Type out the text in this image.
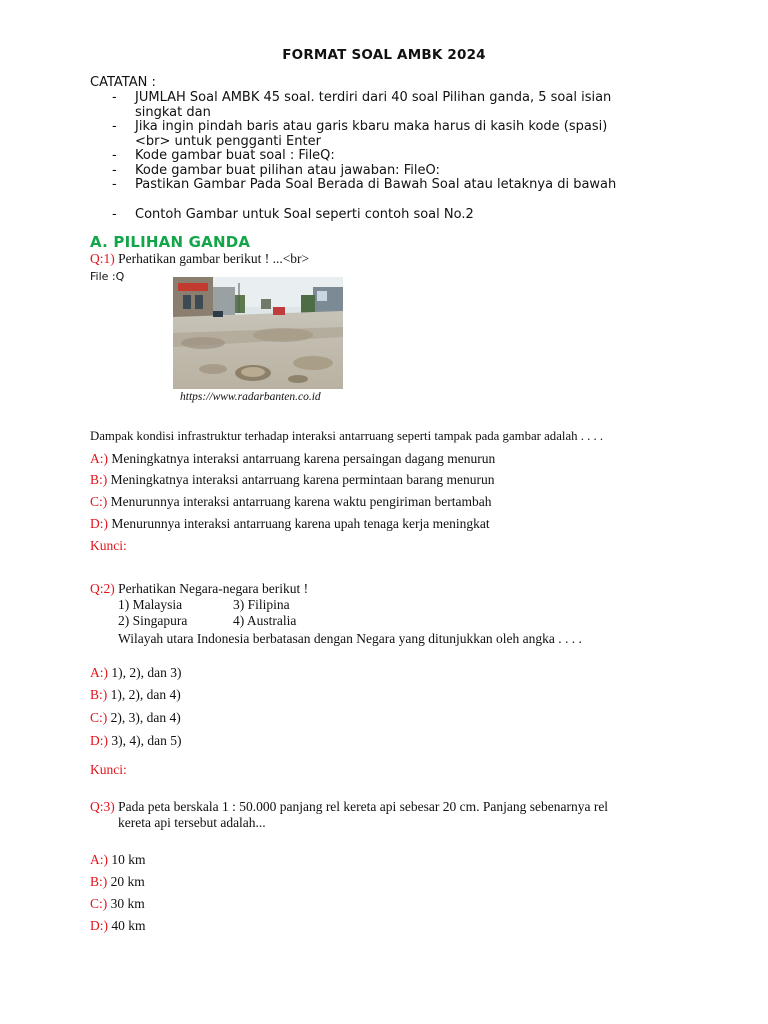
FORMAT SOAL AMBK 2024
CATATAN :
- JUMLAH Soal AMBK 45 soal. terdiri dari 40 soal Pilihan ganda, 5 soal isian
singkat dan
- Jika ingin pindah baris atau garis kbaru maka harus di kasih kode (spasi)
<br> untuk pengganti Enter
- Kode gambar buat soal : FileQ:
- Kode gambar buat pilihan atau jawaban: FileO:
- Pastikan Gambar Pada Soal Berada di Bawah Soal atau letaknya di bawah
- Contoh Gambar untuk Soal seperti contoh soal No.2
A. PILIHAN GANDA
Q:1) Perhatikan gambar berikut ! ...<br>
File :Q
https://www.radarbanten.co.id
Dampak kondisi infrastruktur terhadap interaksi antarruang seperti tampak pada gambar adalah . . . .
A:) Meningkatnya interaksi antarruang karena persaingan dagang menurun
B:) Meningkatnya interaksi antarruang karena permintaan barang menurun
C:) Menurunnya interaksi antarruang karena waktu pengiriman bertambah
D:) Menurunnya interaksi antarruang karena upah tenaga kerja meningkat
Kunci:
Q:2) Perhatikan Negara-negara berikut !
1) Malaysia	3) Filipina
2) Singapura	4) Australia
Wilayah utara Indonesia berbatasan dengan Negara yang ditunjukkan oleh angka . . . .
A:) 1), 2), dan 3)
B:) 1), 2), dan 4)
C:) 2), 3), dan 4)
D:) 3), 4), dan 5)
Kunci:
Q:3) Pada peta berskala 1 : 50.000 panjang rel kereta api sebesar 20 cm. Panjang sebenarnya rel
kereta api tersebut adalah...
A:) 10 km
B:) 20 km
C:) 30 km
D:) 40 km
